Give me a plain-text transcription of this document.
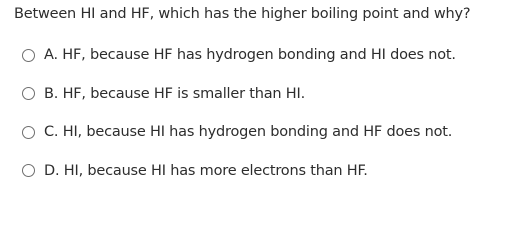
Between HI and HF, which has the higher boiling point and why?
A. HF, because HF has hydrogen bonding and HI does not.
B. HF, because HF is smaller than HI.
C. HI, because HI has hydrogen bonding and HF does not.
D. HI, because HI has more electrons than HF.
